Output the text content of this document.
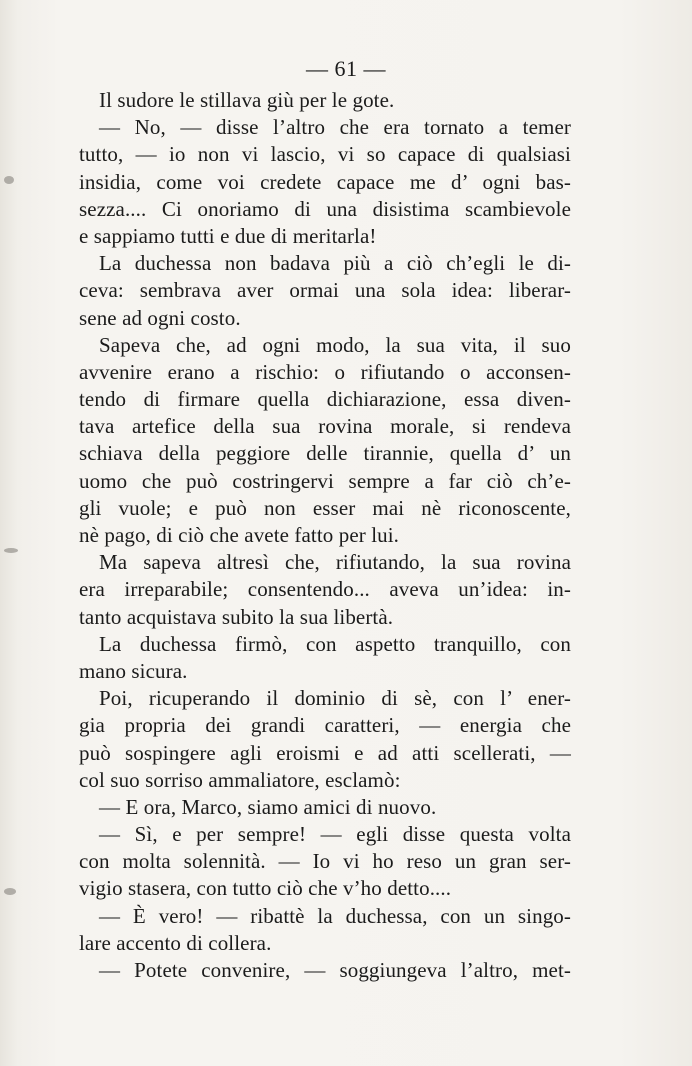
— 61 —
Il sudore le stillava giù per le gote.
— No, — disse l’altro che era tornato a temer
tutto, — io non vi lascio, vi so capace di qualsiasi
insidia, come voi credete capace me d’ ogni bas-
sezza.... Ci onoriamo di una disistima scambievole
e sappiamo tutti e due di meritarla!
La duchessa non badava più a ciò ch’egli le di-
ceva: sembrava aver ormai una sola idea: liberar-
sene ad ogni costo.
Sapeva che, ad ogni modo, la sua vita, il suo
avvenire erano a rischio: o rifiutando o acconsen-
tendo di firmare quella dichiarazione, essa diven-
tava artefice della sua rovina morale, si rendeva
schiava della peggiore delle tirannie, quella d’ un
uomo che può costringervi sempre a far ciò ch’e-
gli vuole; e può non esser mai nè riconoscente,
nè pago, di ciò che avete fatto per lui.
Ma sapeva altresì che, rifiutando, la sua rovina
era irreparabile; consentendo... aveva un’idea: in-
tanto acquistava subito la sua libertà.
La duchessa firmò, con aspetto tranquillo, con
mano sicura.
Poi, ricuperando il dominio di sè, con l’ ener-
gia propria dei grandi caratteri, — energia che
può sospingere agli eroismi e ad atti scellerati, —
col suo sorriso ammaliatore, esclamò:
— E ora, Marco, siamo amici di nuovo.
— Sì, e per sempre! — egli disse questa volta
con molta solennità. — Io vi ho reso un gran ser-
vigio stasera, con tutto ciò che v’ho detto....
— È vero! — ribattè la duchessa, con un singo-
lare accento di collera.
— Potete convenire, — soggiungeva l’altro, met-
